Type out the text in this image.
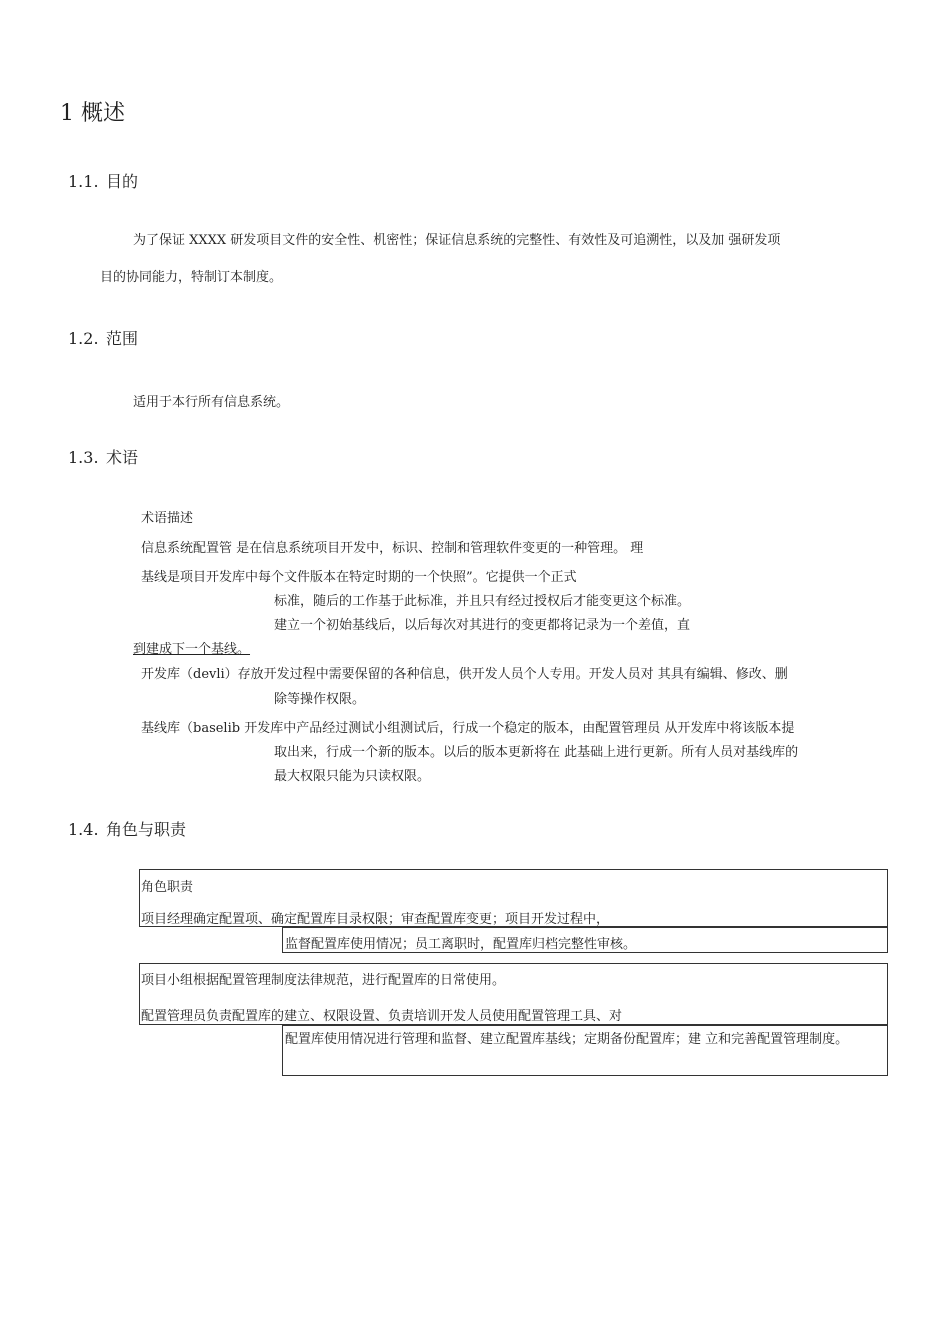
1 概述
1.1. 目的
为了保证 XXXX 研发项目文件的安全性、机密性；保证信息系统的完整性、有效性及可追溯性，以及加 强研发项
目的协同能力，特制订本制度。
1.2. 范围
适用于本行所有信息系统。
1.3. 术语
术语描述
信息系统配置管 是在信息系统项目开发中，标识、控制和管理软件变更的一种管理。 理
基线是项目开发库中每个文件版本在特定时期的一个快照”。它提供一个正式
标准，随后的工作基于此标准，并且只有经过授权后才能变更这个标准。
建立一个初始基线后，以后每次对其进行的变更都将记录为一个差值，直
到建成下一个基线。
开发库（devli）存放开发过程中需要保留的各种信息，供开发人员个人专用。开发人员对 其具有编辑、修改、删
除等操作权限。
基线库（baselib 开发库中产品经过测试小组测试后，行成一个稳定的版本，由配置管理员 从开发库中将该版本提
取出来，行成一个新的版本。以后的版本更新将在 此基础上进行更新。所有人员对基线库的
最大权限只能为只读权限。
1.4. 角色与职责
角色职责
项目经理确定配置项、确定配置库目录权限；审查配置库变更；项目开发过程中，
监督配置库使用情况；员工离职时，配置库归档完整性审核。
项目小组根据配置管理制度法律规范，进行配置库的日常使用。
配置管理员负责配置库的建立、权限设置、负责培训开发人员使用配置管理工具、对
配置库使用情况进行管理和监督、建立配置库基线；定期备份配置库；建 立和完善配置管理制度。
